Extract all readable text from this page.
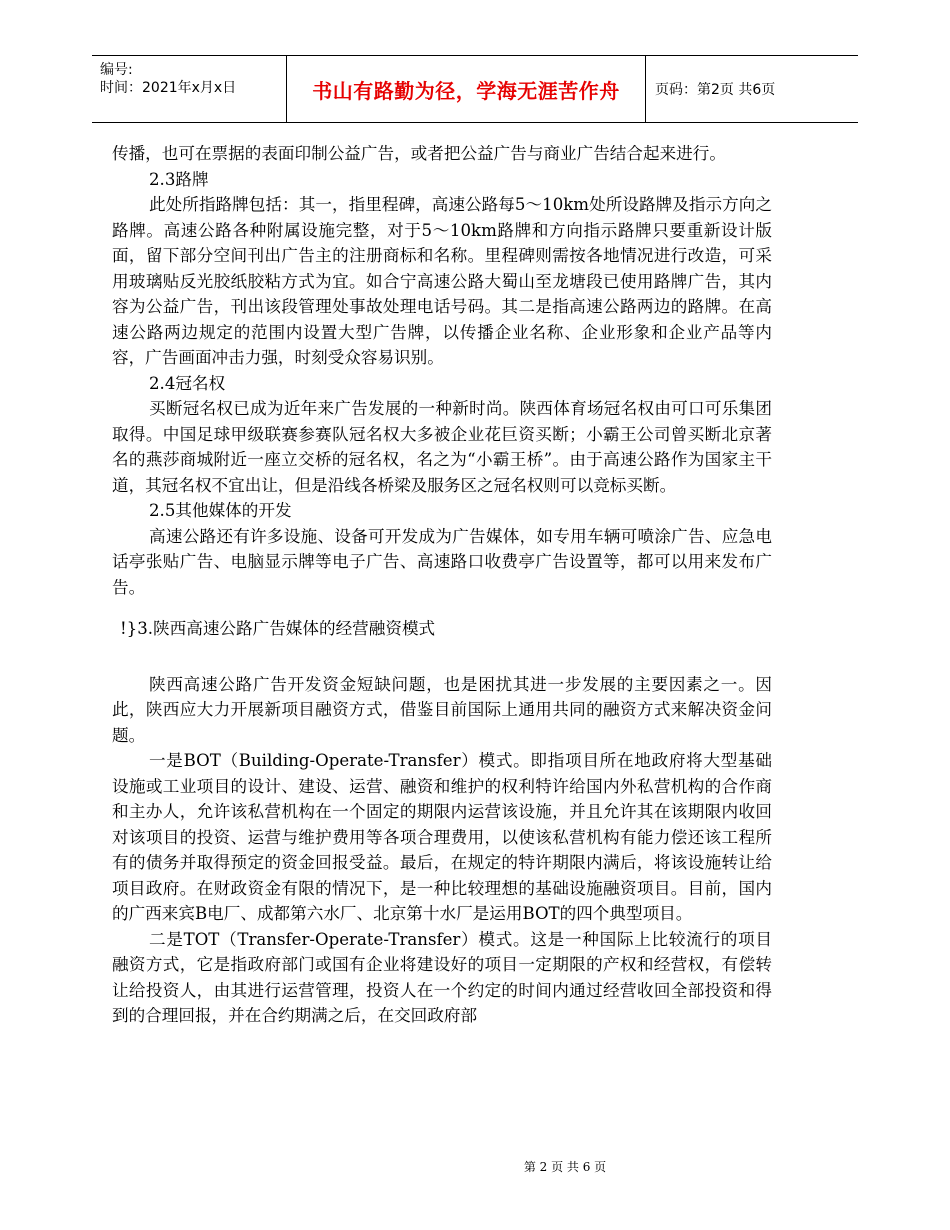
编号:
时间：2021年x月x日	书山有路勤为径，学海无涯苦作舟	页码：第2页 共6页

传播，也可在票据的表面印制公益广告，或者把公益广告与商业广告结合起来进行。

2.3路牌

此处所指路牌包括：其一，指里程碑，高速公路每5～10km处所设路牌及指示方向之路牌。高速公路各种附属设施完整，对于5～10km路牌和方向指示路牌只要重新设计版面，留下部分空间刊出广告主的注册商标和名称。里程碑则需按各地情况进行改造，可采用玻璃贴反光胶纸胶粘方式为宜。如合宁高速公路大蜀山至龙塘段已使用路牌广告，其内容为公益广告，刊出该段管理处事故处理电话号码。其二是指高速公路两边的路牌。在高速公路两边规定的范围内设置大型广告牌，以传播企业名称、企业形象和企业产品等内容，广告画面冲击力强，时刻受众容易识别。

2.4冠名权

买断冠名权已成为近年来广告发展的一种新时尚。陕西体育场冠名权由可口可乐集团取得。中国足球甲级联赛参赛队冠名权大多被企业花巨资买断；小霸王公司曾买断北京著名的燕莎商城附近一座立交桥的冠名权，名之为“小霸王桥”。由于高速公路作为国家主干道，其冠名权不宜出让，但是沿线各桥梁及服务区之冠名权则可以竞标买断。

2.5其他媒体的开发

高速公路还有许多设施、设备可开发成为广告媒体，如专用车辆可喷涂广告、应急电话亭张贴广告、电脑显示牌等电子广告、高速路口收费亭广告设置等，都可以用来发布广告。

!}3.陕西高速公路广告媒体的经营融资模式

陕西高速公路广告开发资金短缺问题，也是困扰其进一步发展的主要因素之一。因此，陕西应大力开展新项目融资方式，借鉴目前国际上通用共同的融资方式来解决资金问题。

一是BOT（Building-Operate-Transfer）模式。即指项目所在地政府将大型基础设施或工业项目的设计、建设、运营、融资和维护的权利特许给国内外私营机构的合作商和主办人，允许该私营机构在一个固定的期限内运营该设施，并且允许其在该期限内收回对该项目的投资、运营与维护费用等各项合理费用，以使该私营机构有能力偿还该工程所有的债务并取得预定的资金回报受益。最后，在规定的特许期限内满后，将该设施转让给项目政府。在财政资金有限的情况下，是一种比较理想的基础设施融资项目。目前，国内的广西来宾B电厂、成都第六水厂、北京第十水厂是运用BOT的四个典型项目。

二是TOT（Transfer-Operate-Transfer）模式。这是一种国际上比较流行的项目融资方式，它是指政府部门或国有企业将建设好的项目一定期限的产权和经营权，有偿转让给投资人，由其进行运营管理，投资人在一个约定的时间内通过经营收回全部投资和得到的合理回报，并在合约期满之后，在交回政府部

第 2 页 共 6 页
